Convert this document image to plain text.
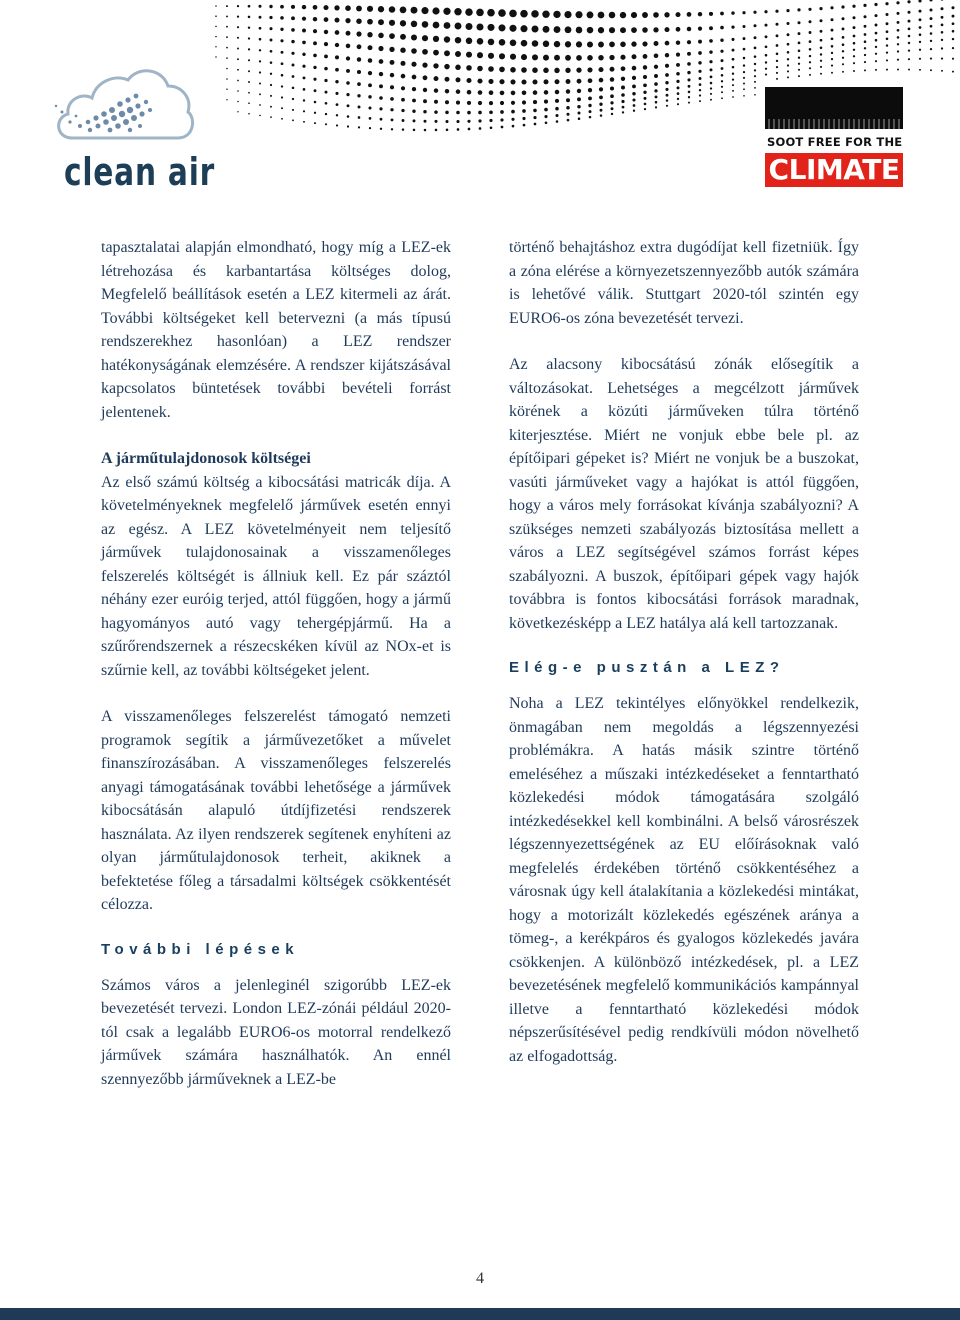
clean air
SOOT FREE FOR THE
CLIMATE

tapasztalatai alapján elmondható, hogy míg a LEZ-ek létrehozása és karbantartása költséges dolog, Megfelelő beállítások esetén a LEZ kitermeli az árát. További költségeket kell betervezni (a más típusú rendszerekhez hasonlóan) a LEZ rendszer hatékonyságának elemzésére. A rendszer kijátszásával kapcsolatos büntetések további bevételi forrást jelentenek.

A járműtulajdonosok költségei

Az első számú költség a kibocsátási matricák díja. A követelményeknek megfelelő járművek esetén ennyi az egész. A LEZ követelményeit nem teljesítő járművek tulajdonosainak a visszamenőleges felszerelés költségét is állniuk kell. Ez pár száztól néhány ezer euróig terjed, attól függően, hogy a jármű hagyományos autó vagy tehergépjármű. Ha a szűrőrendszernek a részecskéken kívül az NOx-et is szűrnie kell, az további költségeket jelent.

A visszamenőleges felszerelést támogató nemzeti programok segítik a járművezetőket a művelet finanszírozásában. A visszamenőleges felszerelés anyagi támogatásának további lehetősége a járművek kibocsátásán alapuló útdíjfizetési rendszerek használata. Az ilyen rendszerek segítenek enyhíteni az olyan járműtulajdonosok terheit, akiknek a befektetése főleg a társadalmi költségek csökkentését célozza.

További lépések

Számos város a jelenleginél szigorúbb LEZ-ek bevezetését tervezi. London LEZ-zónái például 2020-tól csak a legalább EURO6-os motorral rendelkező járművek számára használhatók. An ennél szennyezőbb járműveknek a LEZ-be

történő behajtáshoz extra dugódíjat kell fizetniük. Így a zóna elérése a környezetszennyezőbb autók számára is lehetővé válik. Stuttgart 2020-tól szintén egy EURO6-os zóna bevezetését tervezi.

Az alacsony kibocsátású zónák elősegítik a változásokat. Lehetséges a megcélzott járművek körének a közúti járműveken túlra történő kiterjesztése. Miért ne vonjuk ebbe bele pl. az építőipari gépeket is? Miért ne vonjuk be a buszokat, vasúti járműveket vagy a hajókat is attól függően, hogy a város mely forrásokat kívánja szabályozni? A szükséges nemzeti szabályozás biztosítása mellett a város a LEZ segítségével számos forrást képes szabályozni. A buszok, építőipari gépek vagy hajók továbbra is fontos kibocsátási források maradnak, következésképp a LEZ hatálya alá kell tartozzanak.

Elég-e pusztán a LEZ?

Noha a LEZ tekintélyes előnyökkel rendelkezik, önmagában nem megoldás a légszennyezési problémákra. A hatás másik szintre történő emeléséhez a műszaki intézkedéseket a fenntartható közlekedési módok támogatására szolgáló intézkedésekkel kell kombinálni. A belső városrészek légszennyezettségének az EU előírásoknak való megfelelés érdekében történő csökkentéséhez a városnak úgy kell átalakítania a közlekedési mintákat, hogy a motorizált közlekedés egészének aránya a tömeg-, a kerékpáros és gyalogos közlekedés javára csökkenjen. A különböző intézkedések, pl. a LEZ bevezetésének megfelelő kommunikációs kampánnyal illetve a fenntartható közlekedési módok népszerűsítésével pedig rendkívüli módon növelhető az elfogadottság.

4
